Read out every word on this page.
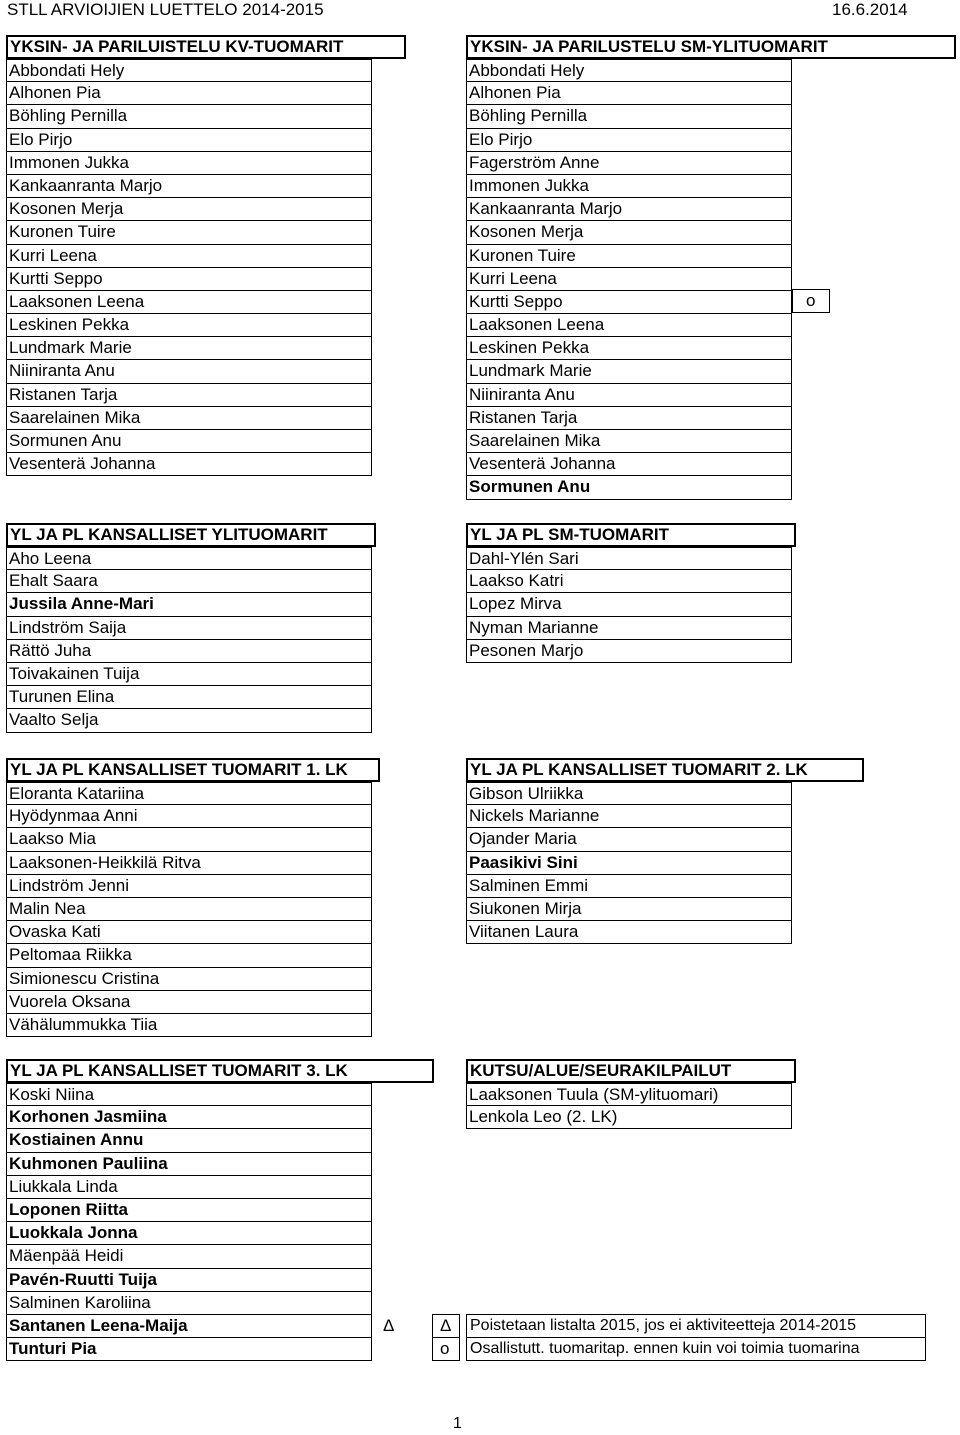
STLL ARVIOIJIEN LUETTELO 2014-2015	16.6.2014
YKSIN- JA PARILUISTELU KV-TUOMARIT
Abbondati Hely
Alhonen Pia
Böhling Pernilla
Elo Pirjo
Immonen Jukka
Kankaanranta Marjo
Kosonen Merja
Kuronen Tuire
Kurri Leena
Kurtti Seppo
Laaksonen Leena
Leskinen Pekka
Lundmark Marie
Niiniranta Anu
Ristanen Tarja
Saarelainen Mika
Sormunen Anu
Vesenterä Johanna
YKSIN- JA PARILUSTELU SM-YLITUOMARIT
Abbondati Hely
Alhonen Pia
Böhling Pernilla
Elo Pirjo
Fagerström Anne
Immonen Jukka
Kankaanranta Marjo
Kosonen Merja
Kuronen Tuire
Kurri Leena
Kurtti Seppo
Laaksonen Leena
Leskinen Pekka
Lundmark Marie
Niiniranta Anu
Ristanen Tarja
Saarelainen Mika
Vesenterä Johanna
Sormunen Anu
o
YL JA PL KANSALLISET YLITUOMARIT
Aho Leena
Ehalt Saara
Jussila Anne-Mari
Lindström Saija
Rättö Juha
Toivakainen Tuija
Turunen Elina
Vaalto Selja
YL JA PL SM-TUOMARIT
Dahl-Ylén Sari
Laakso Katri
Lopez Mirva
Nyman Marianne
Pesonen Marjo
YL JA PL KANSALLISET TUOMARIT 1. LK
Eloranta Katariina
Hyödynmaa Anni
Laakso Mia
Laaksonen-Heikkilä Ritva
Lindström Jenni
Malin Nea
Ovaska Kati
Peltomaa Riikka
Simionescu Cristina
Vuorela Oksana
Vähälummukka Tiia
YL JA PL KANSALLISET TUOMARIT 2. LK
Gibson Ulriikka
Nickels Marianne
Ojander Maria
Paasikivi Sini
Salminen Emmi
Siukonen Mirja
Viitanen Laura
YL JA PL KANSALLISET TUOMARIT 3. LK
Koski Niina
Korhonen Jasmiina
Kostiainen Annu
Kuhmonen Pauliina
Liukkala Linda
Loponen Riitta
Luokkala Jonna
Mäenpää Heidi
Pavén-Ruutti Tuija
Salminen Karoliina
Santanen Leena-Maija
Tunturi Pia
Δ
KUTSU/ALUE/SEURAKILPAILUT
Laaksonen Tuula (SM-ylituomari)
Lenkola Leo (2. LK)
Δ Poistetaan listalta 2015, jos ei aktiviteetteja 2014-2015
o Osallistutt. tuomaritap. ennen kuin voi toimia tuomarina
1
